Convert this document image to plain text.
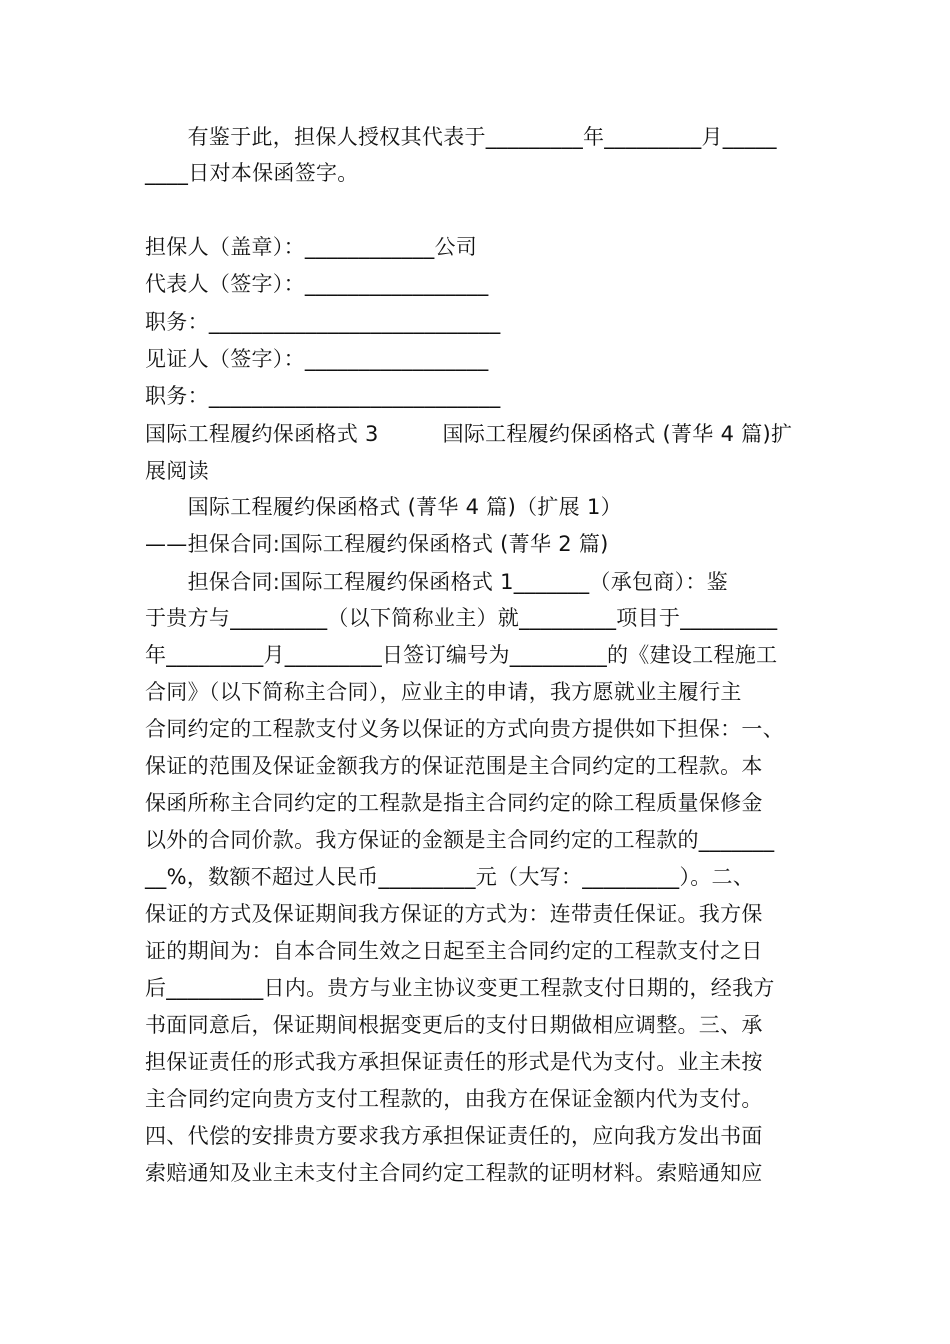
　　有鉴于此，担保人授权其代表于_________年_________月_____
____日对本保函签字。
担保人（盖章）：____________公司
代表人（签字）：_________________
职务：___________________________
见证人（签字）：_________________
职务：___________________________
国际工程履约保函格式 3　　　国际工程履约保函格式 (菁华 4 篇)扩
展阅读
　　国际工程履约保函格式 (菁华 4 篇)（扩展 1）
——担保合同:国际工程履约保函格式 (菁华 2 篇)
　　担保合同:国际工程履约保函格式 1_______（承包商）：鉴
于贵方与_________（以下简称业主）就_________项目于_________
年_________月_________日签订编号为_________的《建设工程施工
合同》（以下简称主合同），应业主的申请，我方愿就业主履行主
合同约定的工程款支付义务以保证的方式向贵方提供如下担保：一、
保证的范围及保证金额我方的保证范围是主合同约定的工程款。本
保函所称主合同约定的工程款是指主合同约定的除工程质量保修金
以外的合同价款。我方保证的金额是主合同约定的工程款的_______
__%，数额不超过人民币_________元（大写：_________）。二、
保证的方式及保证期间我方保证的方式为：连带责任保证。我方保
证的期间为：自本合同生效之日起至主合同约定的工程款支付之日
后_________日内。贵方与业主协议变更工程款支付日期的，经我方
书面同意后，保证期间根据变更后的支付日期做相应调整。三、承
担保证责任的形式我方承担保证责任的形式是代为支付。业主未按
主合同约定向贵方支付工程款的，由我方在保证金额内代为支付。
四、代偿的安排贵方要求我方承担保证责任的，应向我方发出书面
索赔通知及业主未支付主合同约定工程款的证明材料。索赔通知应
